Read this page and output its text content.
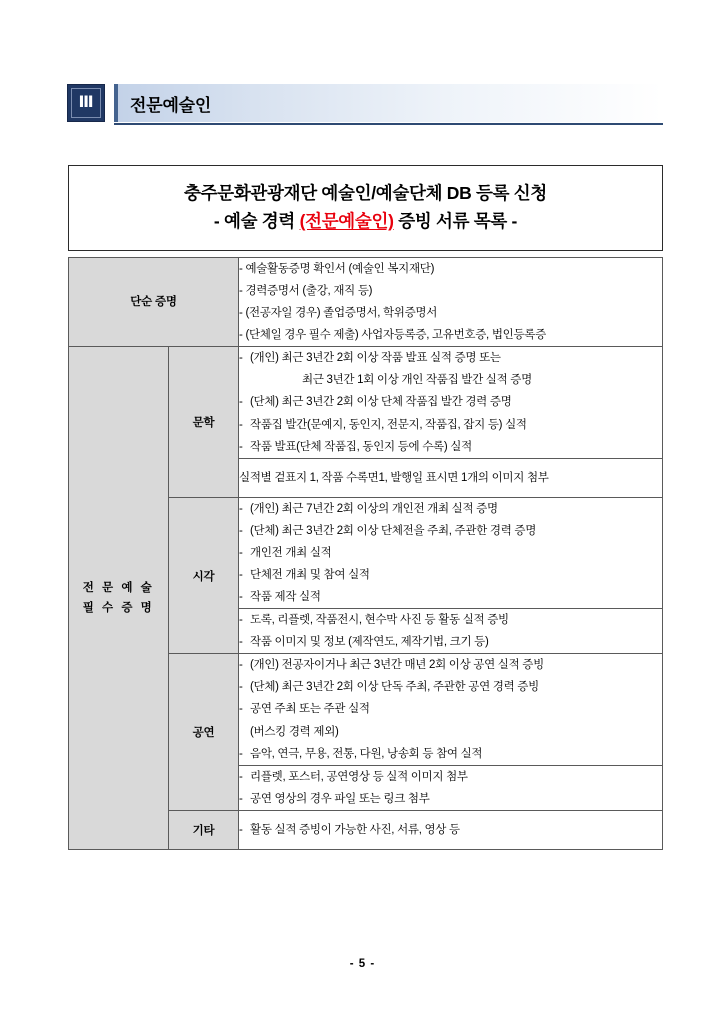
Ⅲ	전문예술인
충주문화관광재단 예술인/예술단체 DB 등록 신청
- 예술 경력 (전문예술인) 증빙 서류 목록 -
단순 증명		- 예술활동증명 확인서 (예술인 복지재단)
- 경력증명서 (출강, 재직 등)
- (전공자일 경우) 졸업증명서, 학위증명서
- (단체일 경우 필수 제출) 사업자등록증, 고유번호증, 법인등록증

전 문 예 술
필 수 증 명
	문학	
- (개인) 최근 3년간 2회 이상 작품 발표 실적 증명 또는
최근 3년간 1회 이상 개인 작품집 발간 실적 증명
- (단체) 최근 3년간 2회 이상 단체 작품집 발간 경력 증명
- 작품집 발간(문예지, 동인지, 전문지, 작품집, 잡지 등) 실적
- 작품 발표(단체 작품집, 동인지 등에 수록) 실적

		실적별 겉표지 1, 작품 수록면1, 발행일 표시면 1개의 이미지 첨부

	시각	- (개인) 최근 7년간 2회 이상의 개인전 개최 실적 증명
- (단체) 최근 3년간 2회 이상 단체전을 주최, 주관한 경력 증명
- 개인전 개최 실적
- 단체전 개최 및 참여 실적
- 작품 제작 실적

		- 도록, 리플렛, 작품전시, 현수막 사진 등 활동 실적 증빙
- 작품 이미지 및 정보 (제작연도, 제작기법, 크기 등)

	공연	- (개인) 전공자이거나 최근 3년간 매년 2회 이상 공연 실적 증빙
- (단체) 최근 3년간 2회 이상 단독 주최, 주관한 공연 경력 증빙
- 공연 주최 또는 주관 실적
(버스킹 경력 제외)
- 음악, 연극, 무용, 전통, 다원, 낭송회 등 참여 실적

		- 리플렛, 포스터, 공연영상 등 실적 이미지 첨부
- 공연 영상의 경우 파일 또는 링크 첨부

	기타	- 활동 실적 증빙이 가능한 사진, 서류, 영상 등
- 5 -
